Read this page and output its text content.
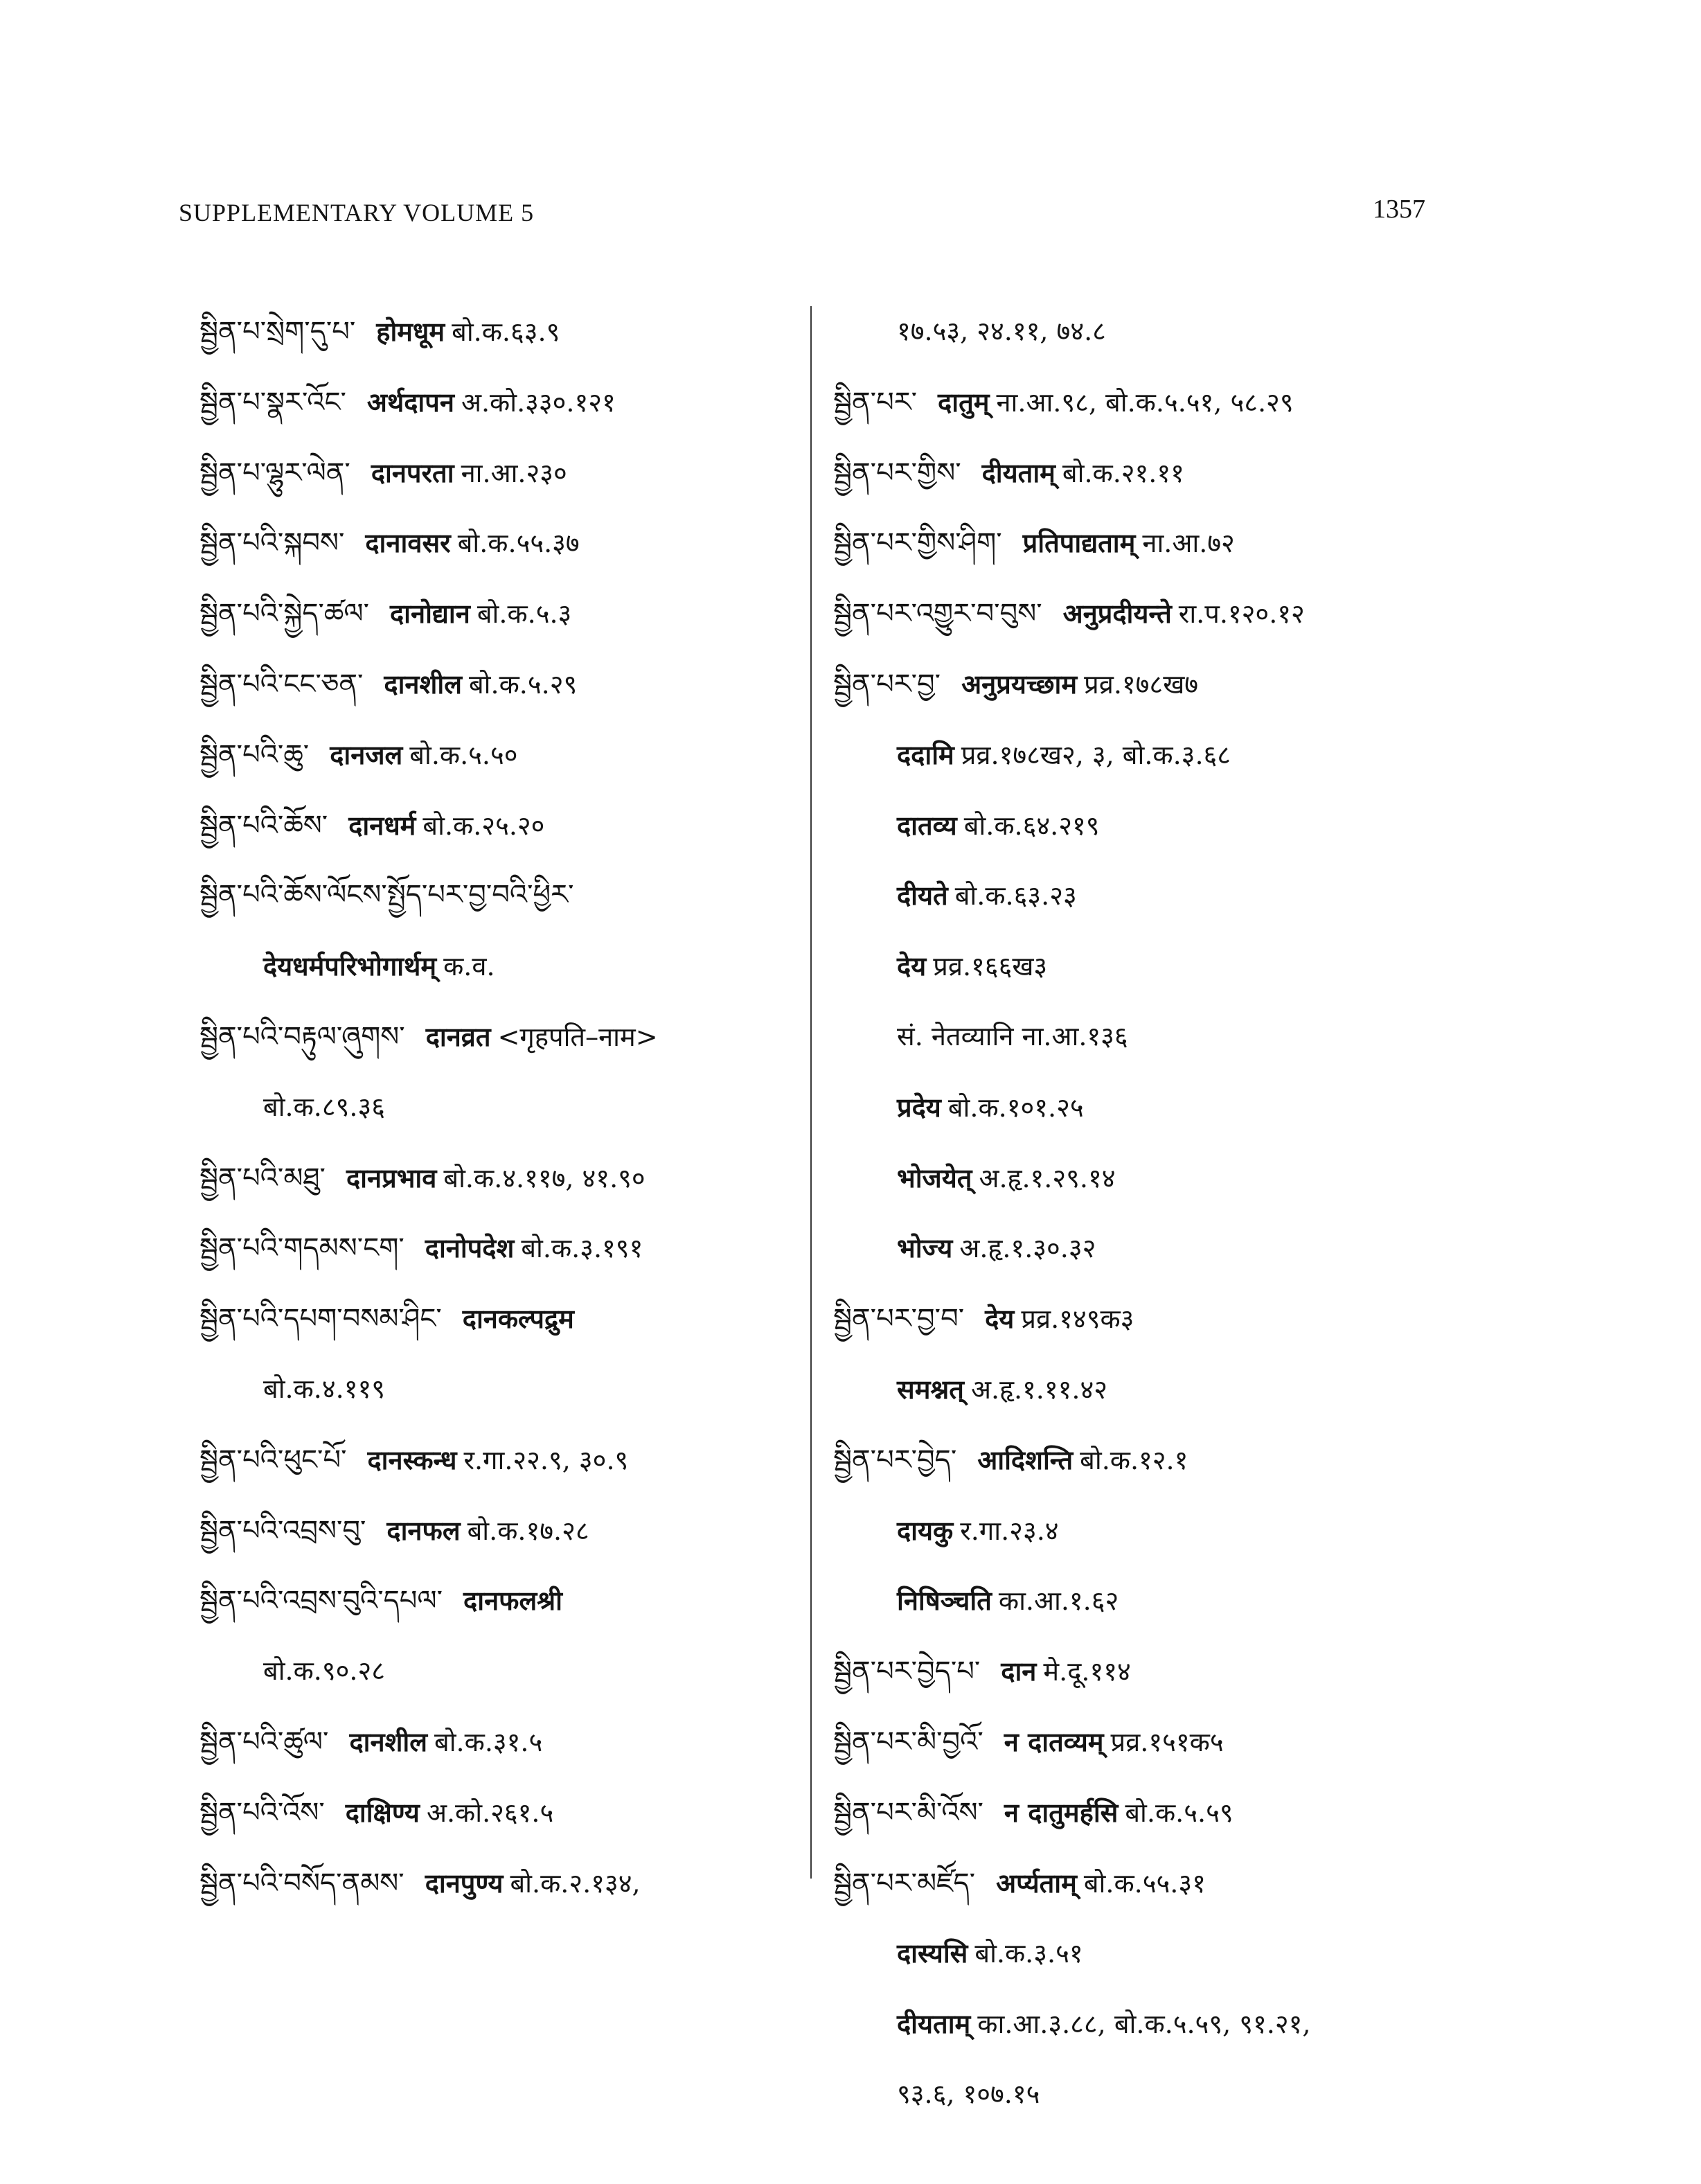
SUPPLEMENTARY VOLUME 5	1357
སྦྱིན་པ་སྲེག་དུ་པ་ होमधूम बो.क.६३.९
སྦྱིན་པ་སྣར་འོང་ अर्थदापन अ.को.३३०.१२१
སྦྱིན་པ་ལྷུར་ལེན་ दानपरता ना.आ.२३०
སྦྱིན་པའི་སྐབས་ दानावसर बो.क.५५.३७
སྦྱིན་པའི་སྐྱེད་ཚལ་ दानोद्यान बो.क.५.३
སྦྱིན་པའི་ངང་ཅན་ दानशील बो.क.५.२९
སྦྱིན་པའི་ཆུ་ दानजल बो.क.५.५०
སྦྱིན་པའི་ཆོས་ दानधर्म बो.क.२५.२०
སྦྱིན་པའི་ཆོས་ལོངས་སྤྱོད་པར་བྱ་བའི་ཕྱིར་
देयधर्मपरिभोगार्थम् क.व.
སྦྱིན་པའི་བརྟུལ་ཞུགས་ दानव्रत <गृहपति–नाम>
बो.क.८९.३६
སྦྱིན་པའི་མཐུ་ दानप्रभाव बो.क.४.११७, ४१.९०
སྦྱིན་པའི་གདམས་ངག་ दानोपदेश बो.क.३.१९१
སྦྱིན་པའི་དཔག་བསམ་ཤིང་ दानकल्पद्रुम
बो.क.४.११९
སྦྱིན་པའི་ཕུང་པོ་ दानस्कन्ध र.गा.२२.९, ३०.९
སྦྱིན་པའི་འབྲས་བུ་ दानफल बो.क.१७.२८
སྦྱིན་པའི་འབྲས་བུའི་དཔལ་ दानफलश्री
बो.क.९०.२८
སྦྱིན་པའི་ཚུལ་ दानशील बो.क.३१.५
སྦྱིན་པའི་འོས་ दाक्षिण्य अ.को.२६१.५
སྦྱིན་པའི་བསོད་ནམས་ दानपुण्य बो.क.२.१३४,
१७.५३, २४.११, ७४.८
སྦྱིན་པར་ दातुम् ना.आ.९८, बो.क.५.५१, ५८.२९
སྦྱིན་པར་གྱིས་ दीयताम् बो.क.२१.११
སྦྱིན་པར་གྱིས་ཤིག་ प्रतिपाद्यताम् ना.आ.७२
སྦྱིན་པར་འགྱུར་བ་བུས་ अनुप्रदीयन्ते रा.प.१२०.१२
སྦྱིན་པར་བྱ་ अनुप्रयच्छाम प्रव्र.१७८ख७
ददामि प्रव्र.१७८ख२, ३, बो.क.३.६८
दातव्य बो.क.६४.२१९
दीयते बो.क.६३.२३
देय प्रव्र.१६६ख३
सं. नेतव्यानि ना.आ.१३६
प्रदेय बो.क.१०१.२५
भोजयेत् अ.हृ.१.२९.१४
भोज्य अ.हृ.१.३०.३२
སྦྱིན་པར་བྱ་བ་ देय प्रव्र.१४९क३
समश्नत् अ.हृ.१.११.४२
སྦྱིན་པར་བྱེད་ आदिशन्ति बो.क.१२.१
दायकु र.गा.२३.४
निषिञ्चति का.आ.१.६२
སྦྱིན་པར་བྱེད་པ་ दान मे.दू.११४
སྦྱིན་པར་མི་བྱའོ་ न दातव्यम् प्रव्र.१५१क५
སྦྱིན་པར་མི་འོས་ न दातुमर्हसि बो.क.५.५९
སྦྱིན་པར་མཛོད་ अर्प्यताम् बो.क.५५.३१
दास्यसि बो.क.३.५१
दीयताम् का.आ.३.८८, बो.क.५.५९, ९१.२१,
९३.६, १०७.१५
